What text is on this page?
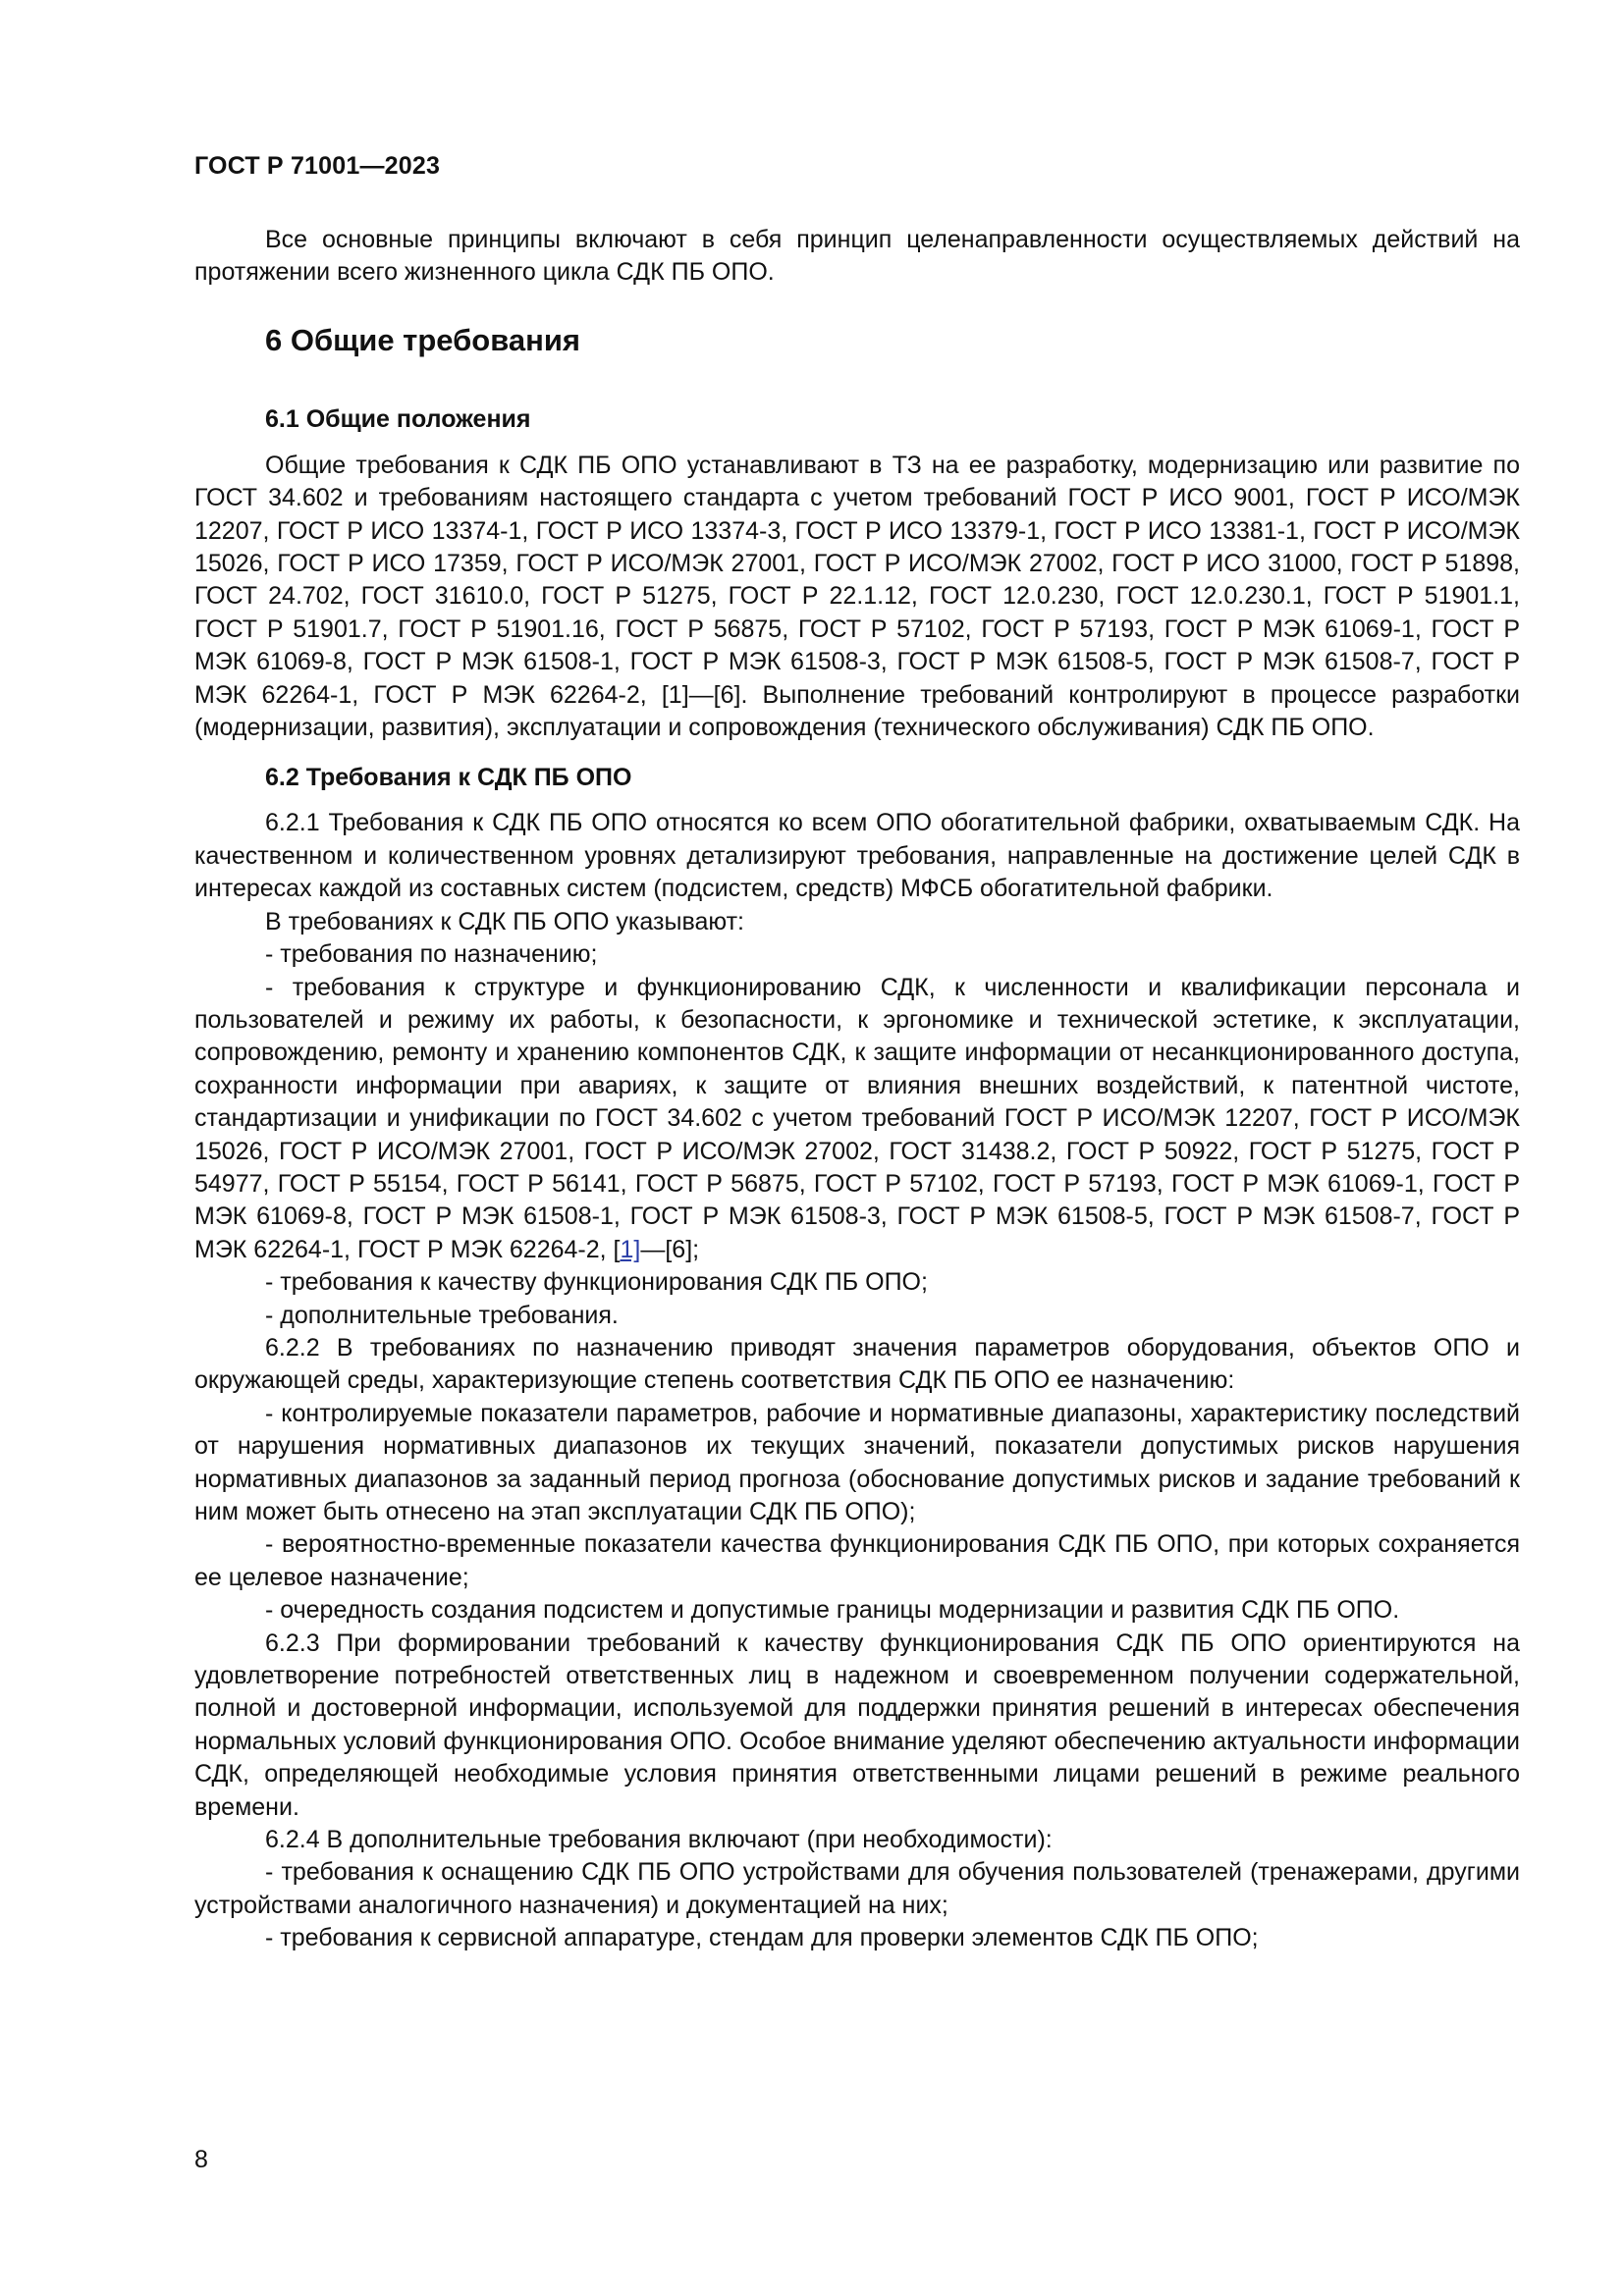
ГОСТ Р 71001—2023

Все основные принципы включают в себя принцип целенаправленности осуществляемых действий на протяжении всего жизненного цикла СДК ПБ ОПО.

6 Общие требования
6.1 Общие положения

Общие требования к СДК ПБ ОПО устанавливают в ТЗ на ее разработку, модернизацию или развитие по ГОСТ 34.602 и требованиям настоящего стандарта с учетом требований ГОСТ Р ИСО 9001, ГОСТ Р ИСО/МЭК 12207, ГОСТ Р ИСО 13374-1, ГОСТ Р ИСО 13374-3, ГОСТ Р ИСО 13379-1, ГОСТ Р ИСО 13381-1, ГОСТ Р ИСО/МЭК 15026, ГОСТ Р ИСО 17359, ГОСТ Р ИСО/МЭК 27001, ГОСТ Р ИСО/МЭК 27002, ГОСТ Р ИСО 31000, ГОСТ Р 51898, ГОСТ 24.702, ГОСТ 31610.0, ГОСТ Р 51275, ГОСТ Р 22.1.12, ГОСТ 12.0.230, ГОСТ 12.0.230.1, ГОСТ Р 51901.1, ГОСТ Р 51901.7, ГОСТ Р 51901.16, ГОСТ Р 56875, ГОСТ Р 57102, ГОСТ Р 57193, ГОСТ Р МЭК 61069-1, ГОСТ Р МЭК 61069-8, ГОСТ Р МЭК 61508-1, ГОСТ Р МЭК 61508-3, ГОСТ Р МЭК 61508-5, ГОСТ Р МЭК 61508-7, ГОСТ Р МЭК 62264-1, ГОСТ Р МЭК 62264-2, [1]—[6]. Выполнение требований контролируют в процессе разработки (модернизации, развития), эксплуатации и сопровождения (технического обслуживания) СДК ПБ ОПО.

6.2 Требования к СДК ПБ ОПО

6.2.1 Требования к СДК ПБ ОПО относятся ко всем ОПО обогатительной фабрики, охватываемым СДК. На качественном и количественном уровнях детализируют требования, направленные на достижение целей СДК в интересах каждой из составных систем (подсистем, средств) МФСБ обогатительной фабрики.

В требованиях к СДК ПБ ОПО указывают:

- требования по назначению;

- требования к структуре и функционированию СДК, к численности и квалификации персонала и пользователей и режиму их работы, к безопасности, к эргономике и технической эстетике, к эксплуатации, сопровождению, ремонту и хранению компонентов СДК, к защите информации от несанкционированного доступа, сохранности информации при авариях, к защите от влияния внешних воздействий, к патентной чистоте, стандартизации и унификации по ГОСТ 34.602 с учетом требований ГОСТ Р ИСО/МЭК 12207, ГОСТ Р ИСО/МЭК 15026, ГОСТ Р ИСО/МЭК 27001, ГОСТ Р ИСО/МЭК 27002, ГОСТ 31438.2, ГОСТ Р 50922, ГОСТ Р 51275, ГОСТ Р 54977, ГОСТ Р 55154, ГОСТ Р 56141, ГОСТ Р 56875, ГОСТ Р 57102, ГОСТ Р 57193, ГОСТ Р МЭК 61069-1, ГОСТ Р МЭК 61069-8, ГОСТ Р МЭК 61508-1, ГОСТ Р МЭК 61508-3, ГОСТ Р МЭК 61508-5, ГОСТ Р МЭК 61508-7, ГОСТ Р МЭК 62264-1, ГОСТ Р МЭК 62264-2, [1]—[6];

- требования к качеству функционирования СДК ПБ ОПО;

- дополнительные требования.

6.2.2 В требованиях по назначению приводят значения параметров оборудования, объектов ОПО и окружающей среды, характеризующие степень соответствия СДК ПБ ОПО ее назначению:

- контролируемые показатели параметров, рабочие и нормативные диапазоны, характеристику последствий от нарушения нормативных диапазонов их текущих значений, показатели допустимых рисков нарушения нормативных диапазонов за заданный период прогноза (обоснование допустимых рисков и задание требований к ним может быть отнесено на этап эксплуатации СДК ПБ ОПО);

- вероятностно-временные показатели качества функционирования СДК ПБ ОПО, при которых сохраняется ее целевое назначение;

- очередность создания подсистем и допустимые границы модернизации и развития СДК ПБ ОПО.

6.2.3 При формировании требований к качеству функционирования СДК ПБ ОПО ориентируются на удовлетворение потребностей ответственных лиц в надежном и своевременном получении содержательной, полной и достоверной информации, используемой для поддержки принятия решений в интересах обеспечения нормальных условий функционирования ОПО. Особое внимание уделяют обеспечению актуальности информации СДК, определяющей необходимые условия принятия ответственными лицами решений в режиме реального времени.

6.2.4 В дополнительные требования включают (при необходимости):

- требования к оснащению СДК ПБ ОПО устройствами для обучения пользователей (тренажерами, другими устройствами аналогичного назначения) и документацией на них;

- требования к сервисной аппаратуре, стендам для проверки элементов СДК ПБ ОПО;

8
